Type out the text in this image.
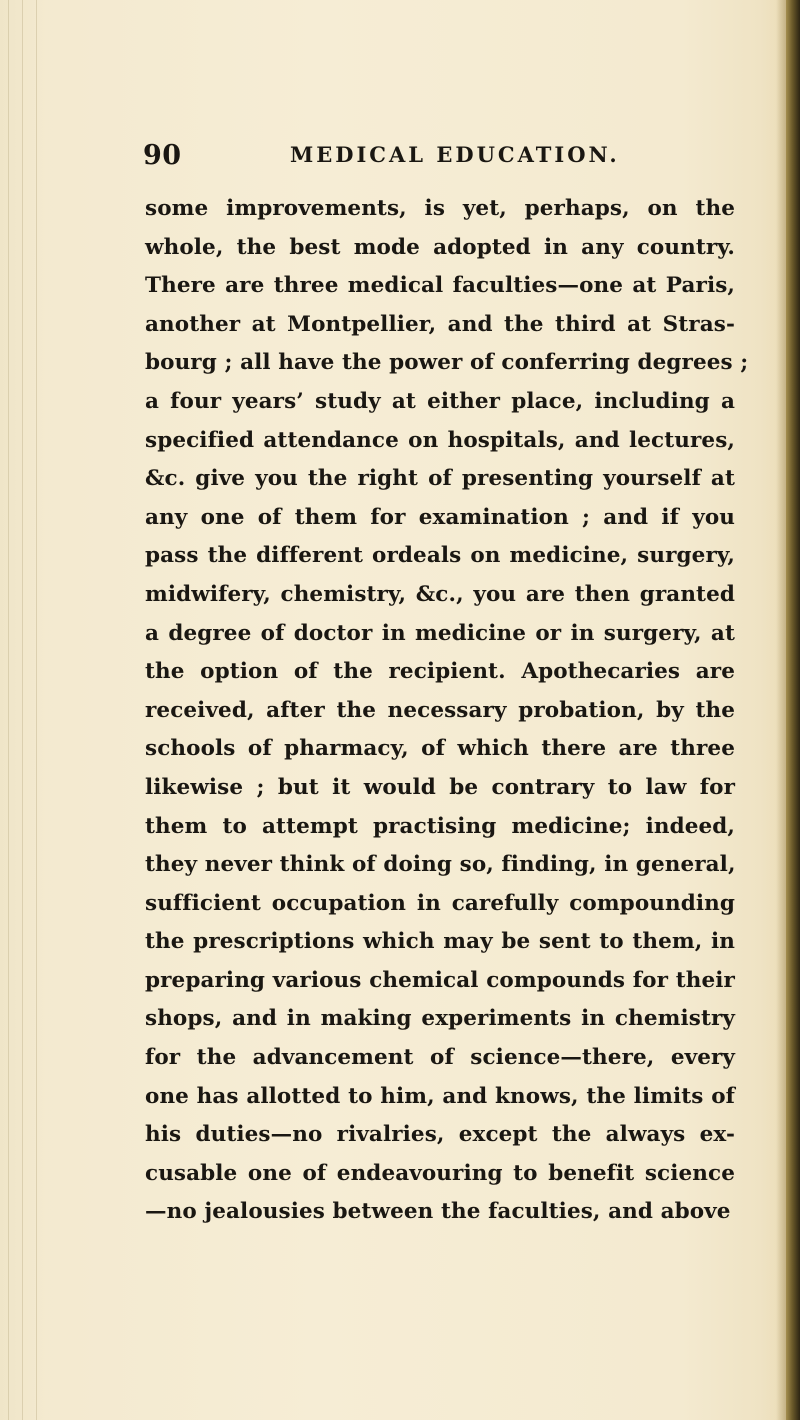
90	MEDICAL EDUCATION.
some improvements, is yet, perhaps, on the
whole, the best mode adopted in any country.
There are three medical faculties—one at Paris,
another at Montpellier, and the third at Stras-
bourg ; all have the power of conferring degrees ;
a four years’ study at either place, including a
specified attendance on hospitals, and lectures,
&c. give you the right of presenting yourself at
any one of them for examination ; and if you
pass the different ordeals on medicine, surgery,
midwifery, chemistry, &c., you are then granted
a degree of doctor in medicine or in surgery, at
the option of the recipient. Apothecaries are
received, after the necessary probation, by the
schools of pharmacy, of which there are three
likewise ; but it would be contrary to law for
them to attempt practising medicine; indeed,
they never think of doing so, finding, in general,
sufficient occupation in carefully compounding
the prescriptions which may be sent to them, in
preparing various chemical compounds for their
shops, and in making experiments in chemistry
for the advancement of science—there, every
one has allotted to him, and knows, the limits of
his duties—no rivalries, except the always ex-
cusable one of endeavouring to benefit science
—no jealousies between the faculties, and above
